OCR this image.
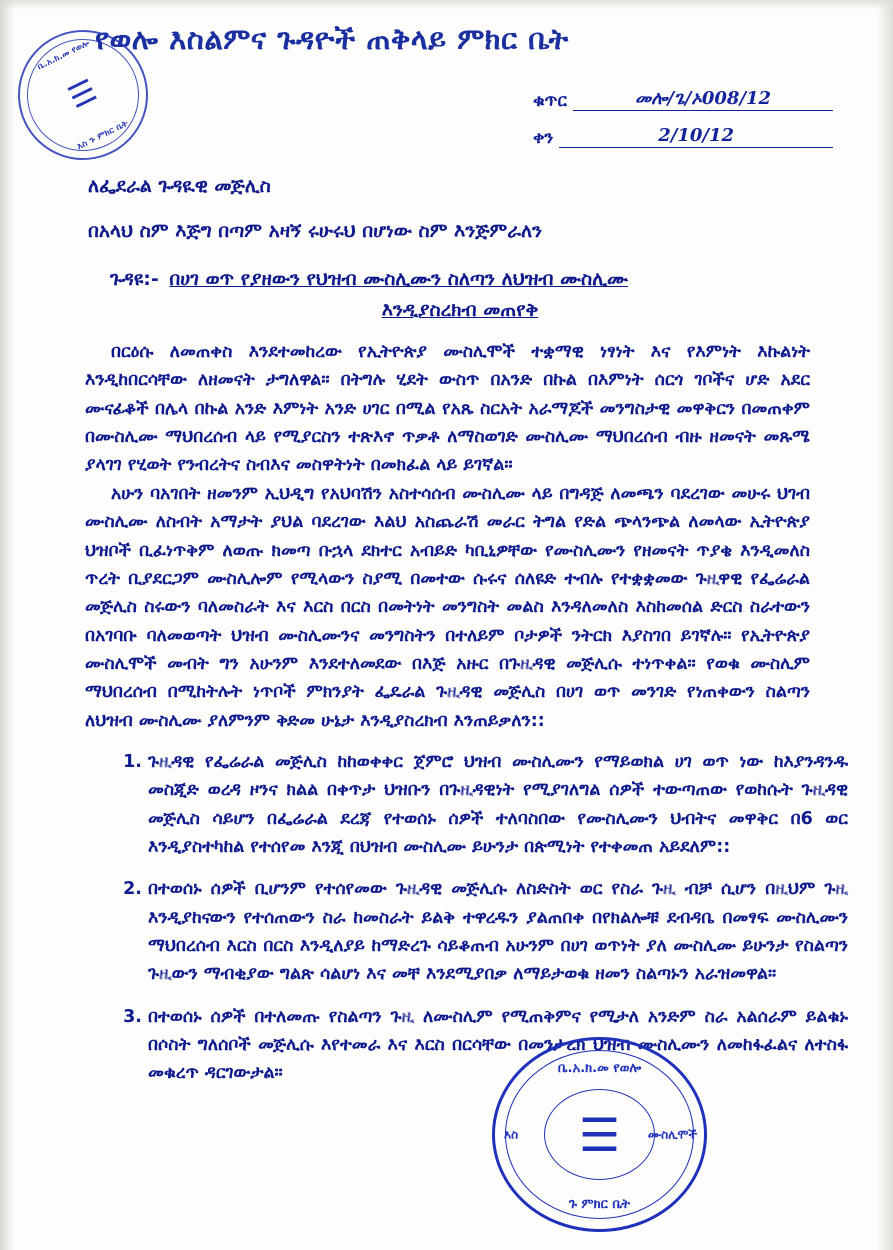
የወሎ እስልምና ጉዳዮች ጠቅላይ ምክር ቤት
ቤ.አ.ክ.መ የወሎ
☰
እስ ጉ ምክር ቤት
ቁጥር	መሎ/ጌ/ኦ008/12
ቀን	2/10/12
ለፌደራል ጉዳዪዊ መጅሊስ
በአላህ ስም እጅግ በጣም አዛኝ ሩሁሩህ በሆነው ስም እንጅምራለን
ጉዳዩ:- በሀገ ወጥ የያዘውን የህዝብ ሙስሊሙን ስለጣን ለህዝብ ሙስሊሙ
እንዲያስረክብ መጠየቅ
በርዕሱ ለመጠቀስ እንደተመከረው የኢትዮጵያ ሙስሊሞች ተቋማዊ ነፃነት እና የእምነት እኩልነት እንዲከበርሳቸው ለዘመናት ታግለዋል። በትግሉ ሂደት ውስጥ በአንድ በኩል በእምነት ሰርጎ ገቦችና ሆድ አደር ሙናፊቆች በሌላ በኩል አንድ እምነት አንድ ሀገር በሚል የአጼ ስርአት አራማጆች መንግስታዊ መዋቅርን በመጠቀም በሙስሊሙ ማህበረሰብ ላይ የሚያርስን ተጽእኖ ጥቃቶ ለማስወገድ ሙስሊሙ ማህበረሰብ ብዙ ዘመናት መጹሜ ያላገገ የሂወት የንብረትና ስብእና መስዋትነት በመክፈል ላይ ይገኛል።
አሁን ባአገበት ዘመንም ኢህዲግ የአህባሽን አስተሳሰብ ሙስሊሙ ላይ በግዳጅ ለመጫን ባደረገው መሁሩ ህገብ ሙስሊሙ ለስብት አማታት ያህል ባደረገው እልህ አስጨራሽ መራር ትግል የድል ጭላንጭል ለመላው ኢትዮጵያ ህዝቦች ቢፈነጥቅም ለወጡ ክመጣ ቡኋላ ደክተር አብይድ ካቢኒዎቸው የሙስሊሙን የዘመናት ጥያቄ እንዲመለስ ጥረት ቢያደርጋም ሙስሊሎም የሚላውን ስያሚ በመተው ሱሩና ሰለዩድ ተብሉ የተቋቋመው ጉዚዋዊ የፌሬራል መጅሊስ ስሩውን ባለመስራት እና እርስ በርስ በመትነት መንግስት መልስ እንዳለመለስ እስከመሰል ድርስ ስራተውን በአገባቡ ባለመወጣት ህዝብ ሙስሊሙንና መንግስትን በተለይም ቦታዎች ንትርክ እያስገበ ይገኛሉ። የኢትዮጵያ ሙስሊሞች መብት ግን አሁንም እንደተለመደው በእጅ አዙር በጉዚዳዊ መጅሊሱ ተነጥቀል። የወቁ ሙስሊም ማህበረሰብ በሚከትሉት ነጥቦች ምክንያት ፌዴራል ጉዚዳዊ መጅሊስ በሀገ ወጥ መንገድ የነጠቀውን ስልጣን ለህዝብ ሙስሊሙ ያለምንም ቅድመ ሁኔታ እንዲያስረክብ እንጠይቃለን::
1. ጉዚዳዊ የፌሬራል መጅሊስ ከከወቀቀር ጀምሮ ህዝብ ሙስሊሙን የማይወክል ሀገ ወጥ ነው ከእያንዳንዱ መስጂድ ወረዳ ዞንና ክልል በቀጥታ ህዝቡን በጉዚዳዊነት የሚያገለግል ሰዎች ተውጣጠው የወከሱት ጉዚዳዊ መጅሊስ ሳይሆን በፌሬራል ደረጃ የተወሰኑ ሰዎች ተለባስበው የሙስሊሙን ህብትና መዋቅር በ6 ወር እንዲያስተካከል የተሰየመ እንጂ በህዝብ ሙስሊሙ ይሁንታ በጵሚነት የተቀመጠ አይደለም::
2. በተወሰኑ ሰዎች ቢሆንም የተሰየመው ጉዚዳዊ መጅሊሱ ለስድስት ወር የስራ ጉዚ ብቻ ሲሆን በዚህም ጉዚ እንዲያከናውን የተሰጠውን ስራ ከመስራት ይልቅ ተዋረዱን ያልጠበቀ በየክልሎቹ ደብዳቤ በመፃፍ ሙስሊሙን ማህበረሰብ እርስ በርስ እንዲለያይ ከማድረጉ ሳይቆጠብ አሁንም በሀገ ወጥነት ያለ ሙስሊሙ ይሁንታ የስልጣን ጉዚውን ማብቂያው ግልጽ ሳልሆነ እና መቸ እንደሚያበቃ ለማይታወቁ ዘመን ስልጣኑን አራዝመዋል።
3. በተወሰኑ ሰዎች በተለመጡ የስልጣን ጉዚ ለሙስሊም የሚጠቅምና የሚታለ አንድም ስራ አልሰራም ይልቁኑ በሶስት ግለሰቦች መጅሊሱ እየተመራ እና እርስ በርሳቸው በመንታረክ ህዝብ ሙስሊሙን ለመከፋፈልና ለተስፋ መቁረጥ ዳርገውታል።	ቤ.አ.ክ.መ የወሎ
እስ	ሙስሊሞች
☰
ጉ ምክር ቤት
